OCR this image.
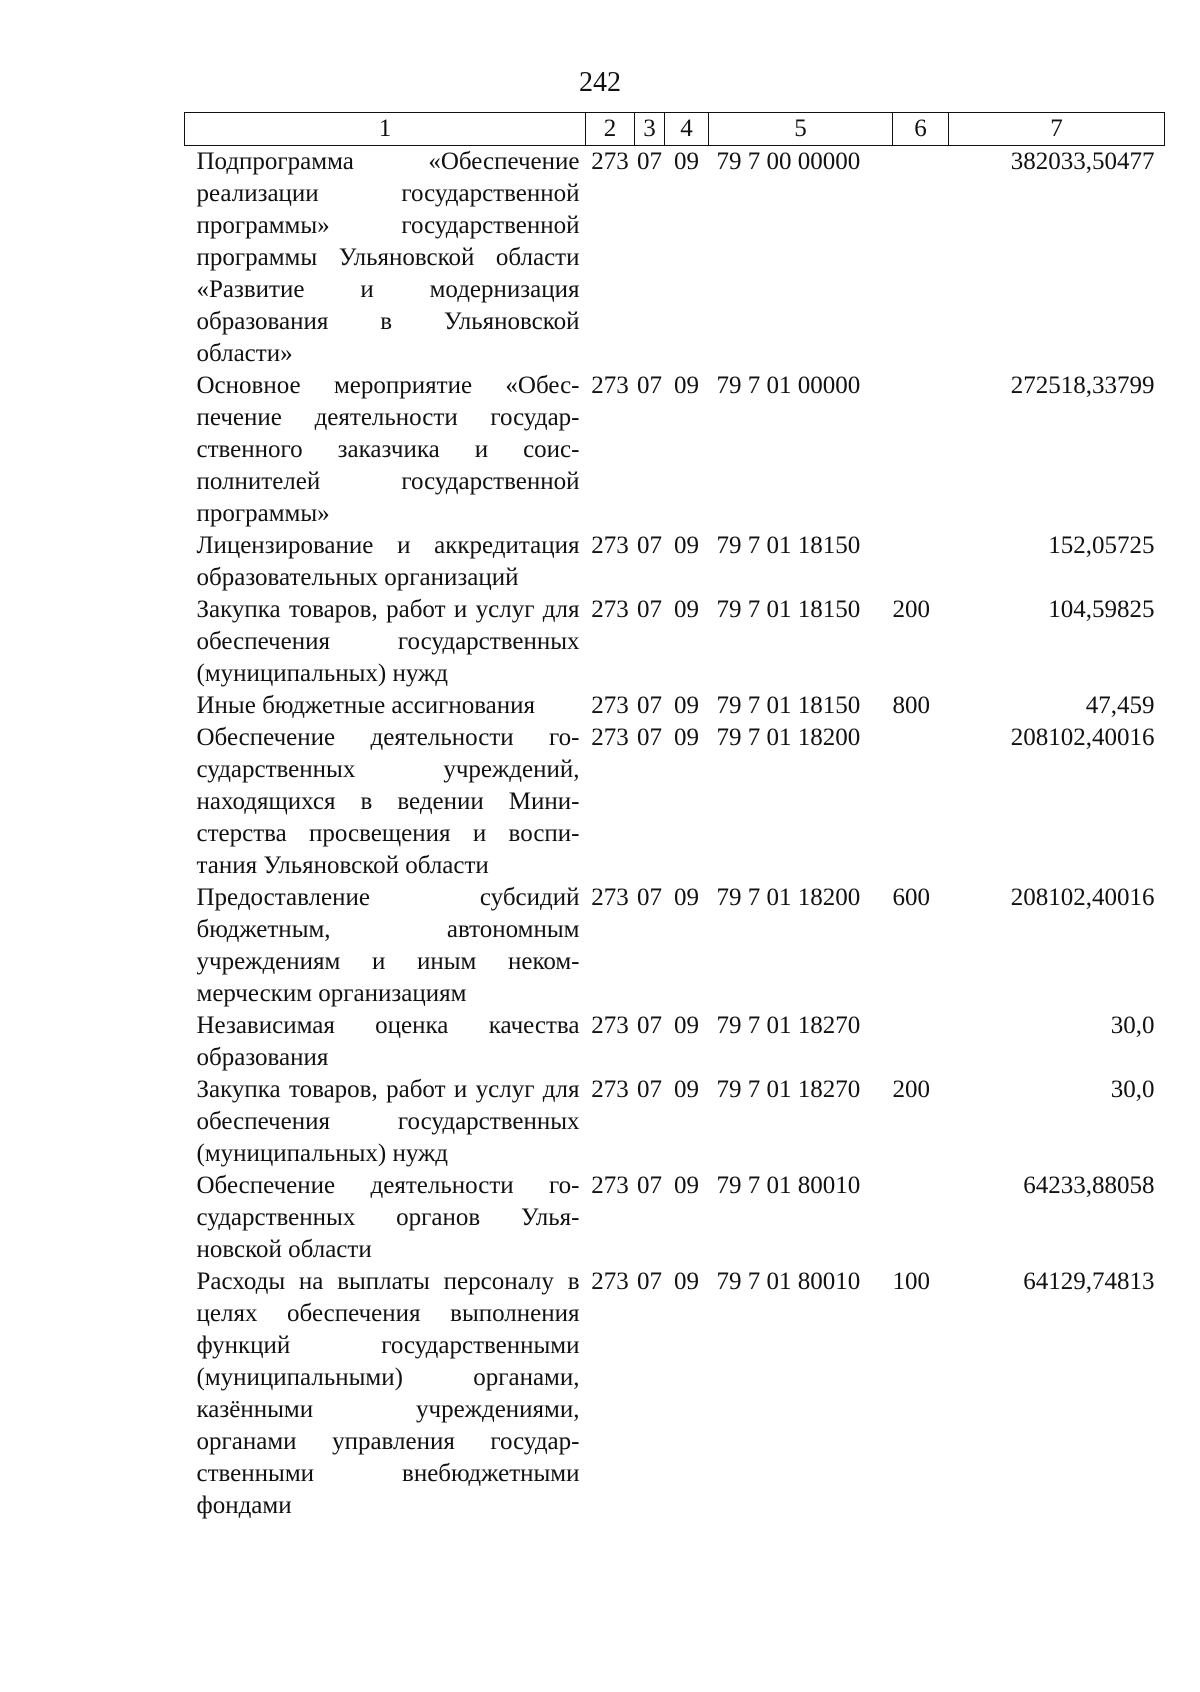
242
1	2	3	4	5	6	7
Подпрограмма «Обеспечение реализации государственной программы» государственной программы Ульяновской области «Развитие и модернизация образования в Ульяновской области»	273	07	09	79 7 00 00000		382033,50477
Основное мероприятие «Обеспечение деятельности государственного заказчика и соисполнителей государственной программы»	273	07	09	79 7 01 00000		272518,33799
Лицензирование и аккредитация образовательных организаций	273	07	09	79 7 01 18150		152,05725
Закупка товаров, работ и услуг для обеспечения государственных (муниципальных) нужд	273	07	09	79 7 01 18150	200	104,59825
Иные бюджетные ассигнования	273	07	09	79 7 01 18150	800	47,459
Обеспечение деятельности государственных учреждений, находящихся в ведении Министерства просвещения и воспитания Ульяновской области	273	07	09	79 7 01 18200		208102,40016
Предоставление субсидий бюджетным, автономным учреждениям и иным некоммерческим организациям	273	07	09	79 7 01 18200	600	208102,40016
Независимая оценка качества образования	273	07	09	79 7 01 18270		30,0
Закупка товаров, работ и услуг для обеспечения государственных (муниципальных) нужд	273	07	09	79 7 01 18270	200	30,0
Обеспечение деятельности государственных органов Ульяновской области	273	07	09	79 7 01 80010		64233,88058
Расходы на выплаты персоналу в целях обеспечения выполнения функций государственными (муниципальными) органами, казёнными учреждениями, органами управления государственными внебюджетными фондами	273	07	09	79 7 01 80010	100	64129,74813
